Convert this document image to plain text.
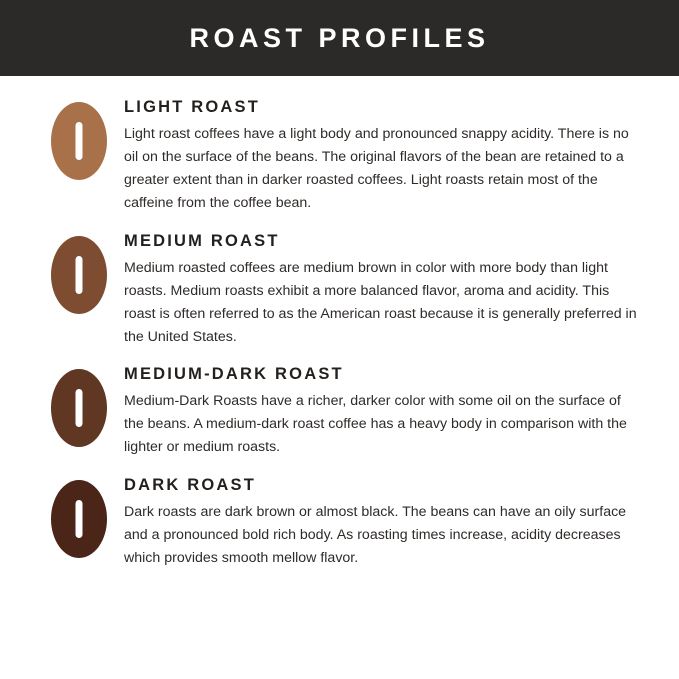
ROAST PROFILES
LIGHT ROAST

Light roast coffees have a light body and pronounced snappy acidity. There is no oil on the surface of the beans. The original flavors of the bean are retained to a greater extent than in darker roasted coffees. Light roasts retain most of the caffeine from the coffee bean.

MEDIUM ROAST

Medium roasted coffees are medium brown in color with more body than light roasts. Medium roasts exhibit a more balanced flavor, aroma and acidity. This roast is often referred to as the American roast because it is generally preferred in the United States.

MEDIUM-DARK ROAST

Medium-Dark Roasts have a richer, darker color with some oil on the surface of the beans. A medium-dark roast coffee has a heavy body in comparison with the lighter or medium roasts.

DARK ROAST

Dark roasts are dark brown or almost black. The beans can have an oily surface and a pronounced bold rich body. As roasting times increase, acidity decreases which provides smooth mellow flavor.
